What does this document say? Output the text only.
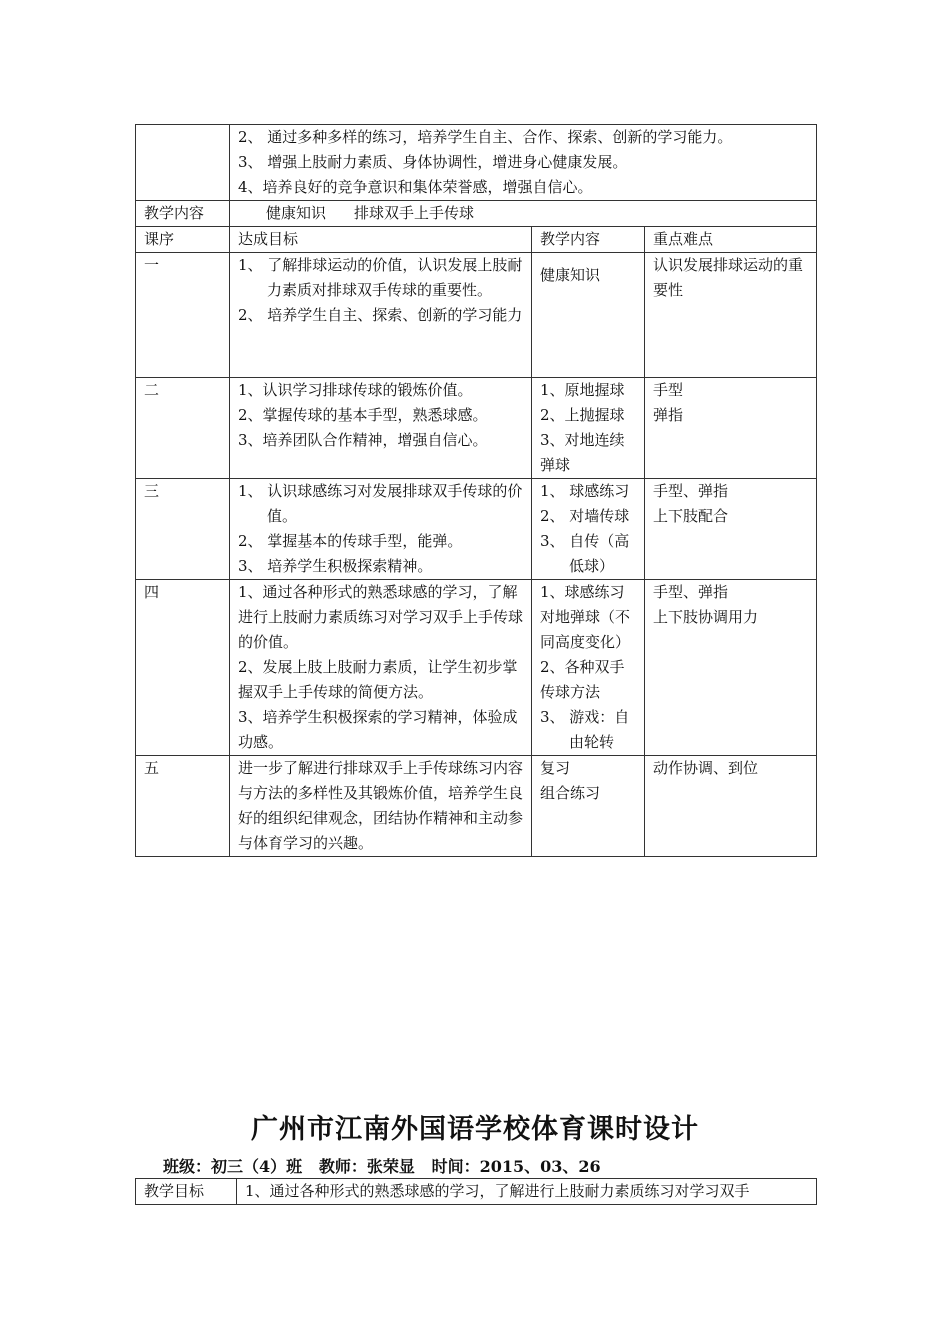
	2、 通过多种多样的练习，培养学生自主、合作、探索、创新的学习能力。
3、 增强上肢耐力素质、身体协调性，增进身心健康发展。
4、培养良好的竞争意识和集体荣誉感，增强自信心。		

教学内容	健康知识 排球双手上手传球		
课序	达成目标	教学内容	重点难点
一	1、 了解排球运动的价值，认识发展上肢耐力素质对排球双手传球的重要性。
2、 培养学生自主、探索、创新的学习能力	健康知识	认识发展排球运动的重要性

二	1、认识学习排球传球的锻炼价值。
2、掌握传球的基本手型，熟悉球感。
3、培养团队合作精神，增强自信心。	1、原地握球
2、上抛握球
3、对地连续弹球	手型
弹指

三	1、 认识球感练习对发展排球双手传球的价值。
2、 掌握基本的传球手型，能弹。
3、 培养学生积极探索精神。	1、 球感练习
2、 对墙传球
3、 自传（高低球）	手型、弹指
上下肢配合

四	1、通过各种形式的熟悉球感的学习，了解进行上肢耐力素质练习对学习双手上手传球的价值。
2、发展上肢上肢耐力素质，让学生初步掌握双手上手传球的简便方法。
3、培养学生积极探索的学习精神，体验成功感。	1、球感练习对地弹球（不同高度变化）
2、各种双手传球方法
3、 游戏：自由轮转	手型、弹指
上下肢协调用力

五	进一步了解进行排球双手上手传球练习内容与方法的多样性及其锻炼价值，培养学生良好的组织纪律观念，团结协作精神和主动参与体育学习的兴趣。	复习
组合练习	动作协调、到位
广州市江南外国语学校体育课时设计
班级：初三（4）班 教师：张荣显 时间：2015、03、26
教学目标	1、通过各种形式的熟悉球感的学习，了解进行上肢耐力素质练习对学习双手
